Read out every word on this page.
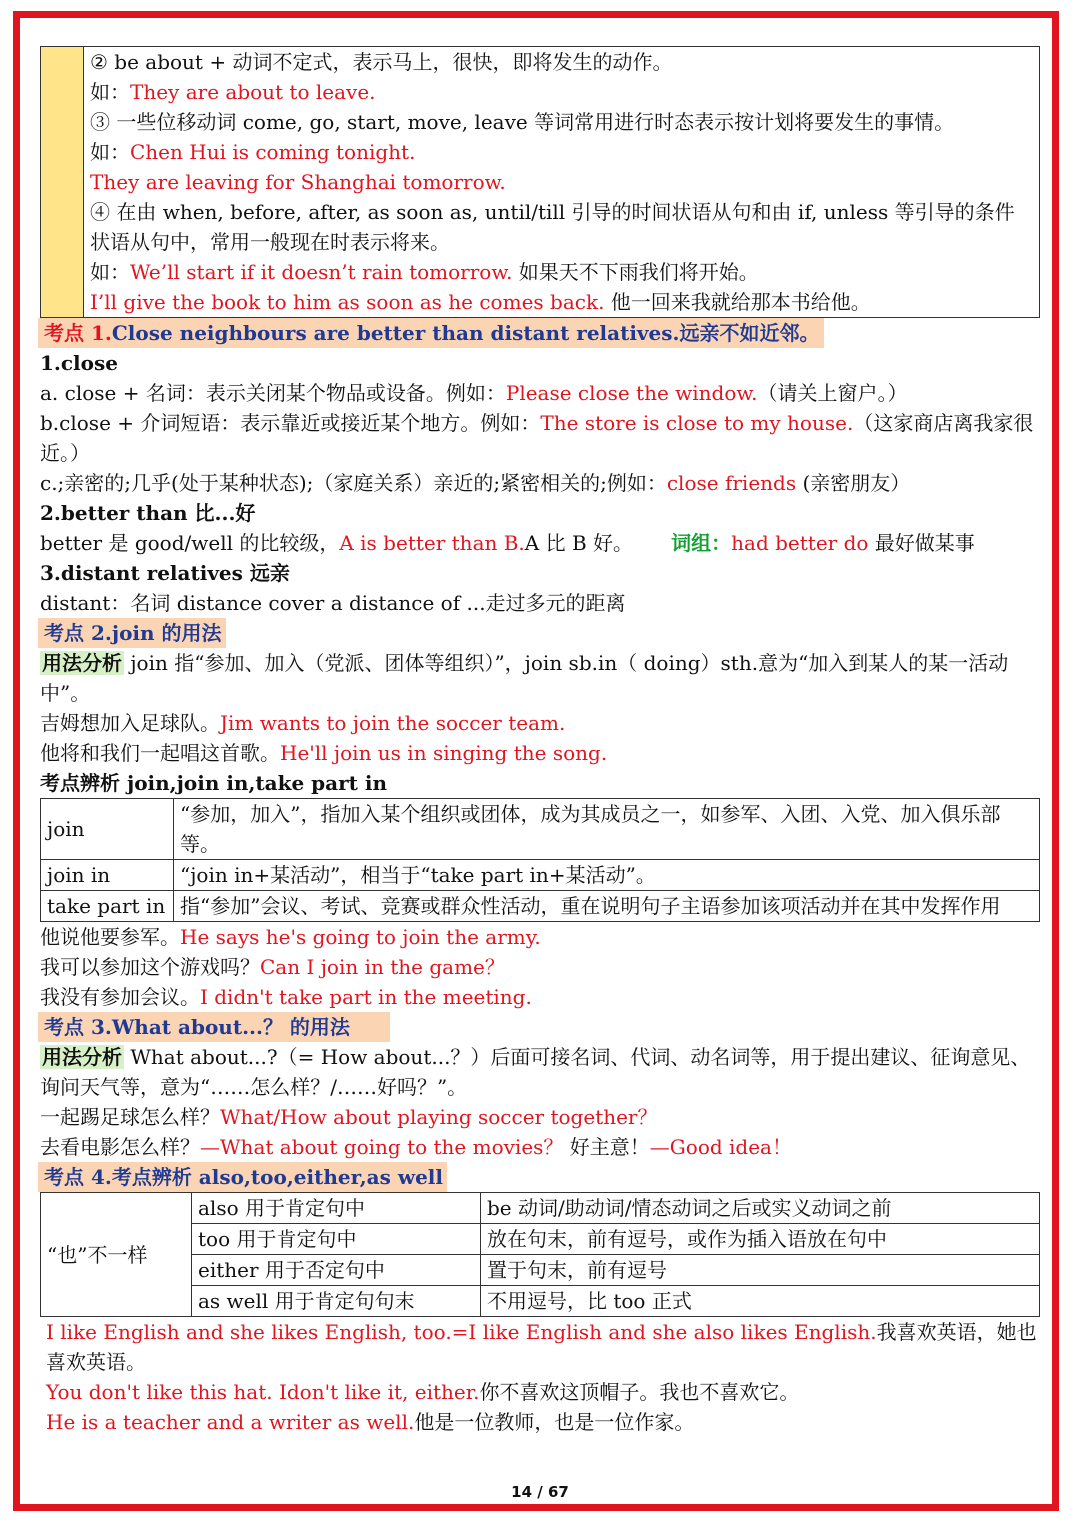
② be about + 动词不定式，表示马上，很快，即将发生的动作。
如：They are about to leave.
③ 一些位移动词 come, go, start, move, leave 等词常用进行时态表示按计划将要发生的事情。
如：Chen Hui is coming tonight.
They are leaving for Shanghai tomorrow.
④ 在由 when, before, after, as soon as, until/till 引导的时间状语从句和由 if, unless 等引导的条件状语从句中，常用一般现在时表示将来。
如：We’ll start if it doesn’t rain tomorrow. 如果天不下雨我们将开始。
I’ll give the book to him as soon as he comes back. 他一回来我就给那本书给他。
考点 1.Close neighbours are better than distant relatives.远亲不如近邻。
1.close
a. close + 名词：表示关闭某个物品或设备。例如：Please close the window.（请关上窗户。）
b.close + 介词短语：表示靠近或接近某个地方。例如：The store is close to my house.（这家商店离我家很近。）
c.;亲密的;几乎(处于某种状态);（家庭关系）亲近的;紧密相关的;例如：close friends (亲密朋友）
2.better than 比...好
better 是 good/well 的比较级，A is better than B.A 比 B 好。 词组：had better do 最好做某事
3.distant relatives 远亲
distant：名词 distance cover a distance of ...走过多元的距离
考点 2.join 的用法
用法分析 join 指“参加、加入（党派、团体等组织）”，join sb.in（ doing）sth.意为“加入到某人的某一活动中”。
吉姆想加入足球队。Jim wants to join the soccer team.
他将和我们一起唱这首歌。He'll join us in singing the song.
考点辨析 join,join in,take part in
join	“参加，加入”，指加入某个组织或团体，成为其成员之一，如参军、入团、入党、加入俱乐部等。
join in	“join in+某活动”，相当于“take part in+某活动”。
take part in	指“参加”会议、考试、竞赛或群众性活动，重在说明句子主语参加该项活动并在其中发挥作用
他说他要参军。He says he's going to join the army.
我可以参加这个游戏吗？Can I join in the game？
我没有参加会议。I didn't take part in the meeting.
考点 3.What about...？ 的用法
用法分析 What about...?（= How about...？）后面可接名词、代词、动名词等，用于提出建议、征询意见、询问天气等，意为“……怎么样？/……好吗？”。
一起踢足球怎么样？What/How about playing soccer together？
去看电影怎么样？—What about going to the movies？ 好主意！—Good idea！
考点 4.考点辨析 also,too,either,as well
“也”不一样	also 用于肯定句中	be 动词/助动词/情态动词之后或实义动词之前
	too 用于肯定句中	放在句末，前有逗号，或作为插入语放在句中
	either 用于否定句中	置于句末，前有逗号
	as well 用于肯定句句末	不用逗号，比 too 正式
I like English and she likes English, too.=I like English and she also likes English.我喜欢英语，她也喜欢英语。
You don't like this hat. Idon't like it, either.你不喜欢这顶帽子。我也不喜欢它。
He is a teacher and a writer as well.他是一位教师，也是一位作家。
14 / 67
